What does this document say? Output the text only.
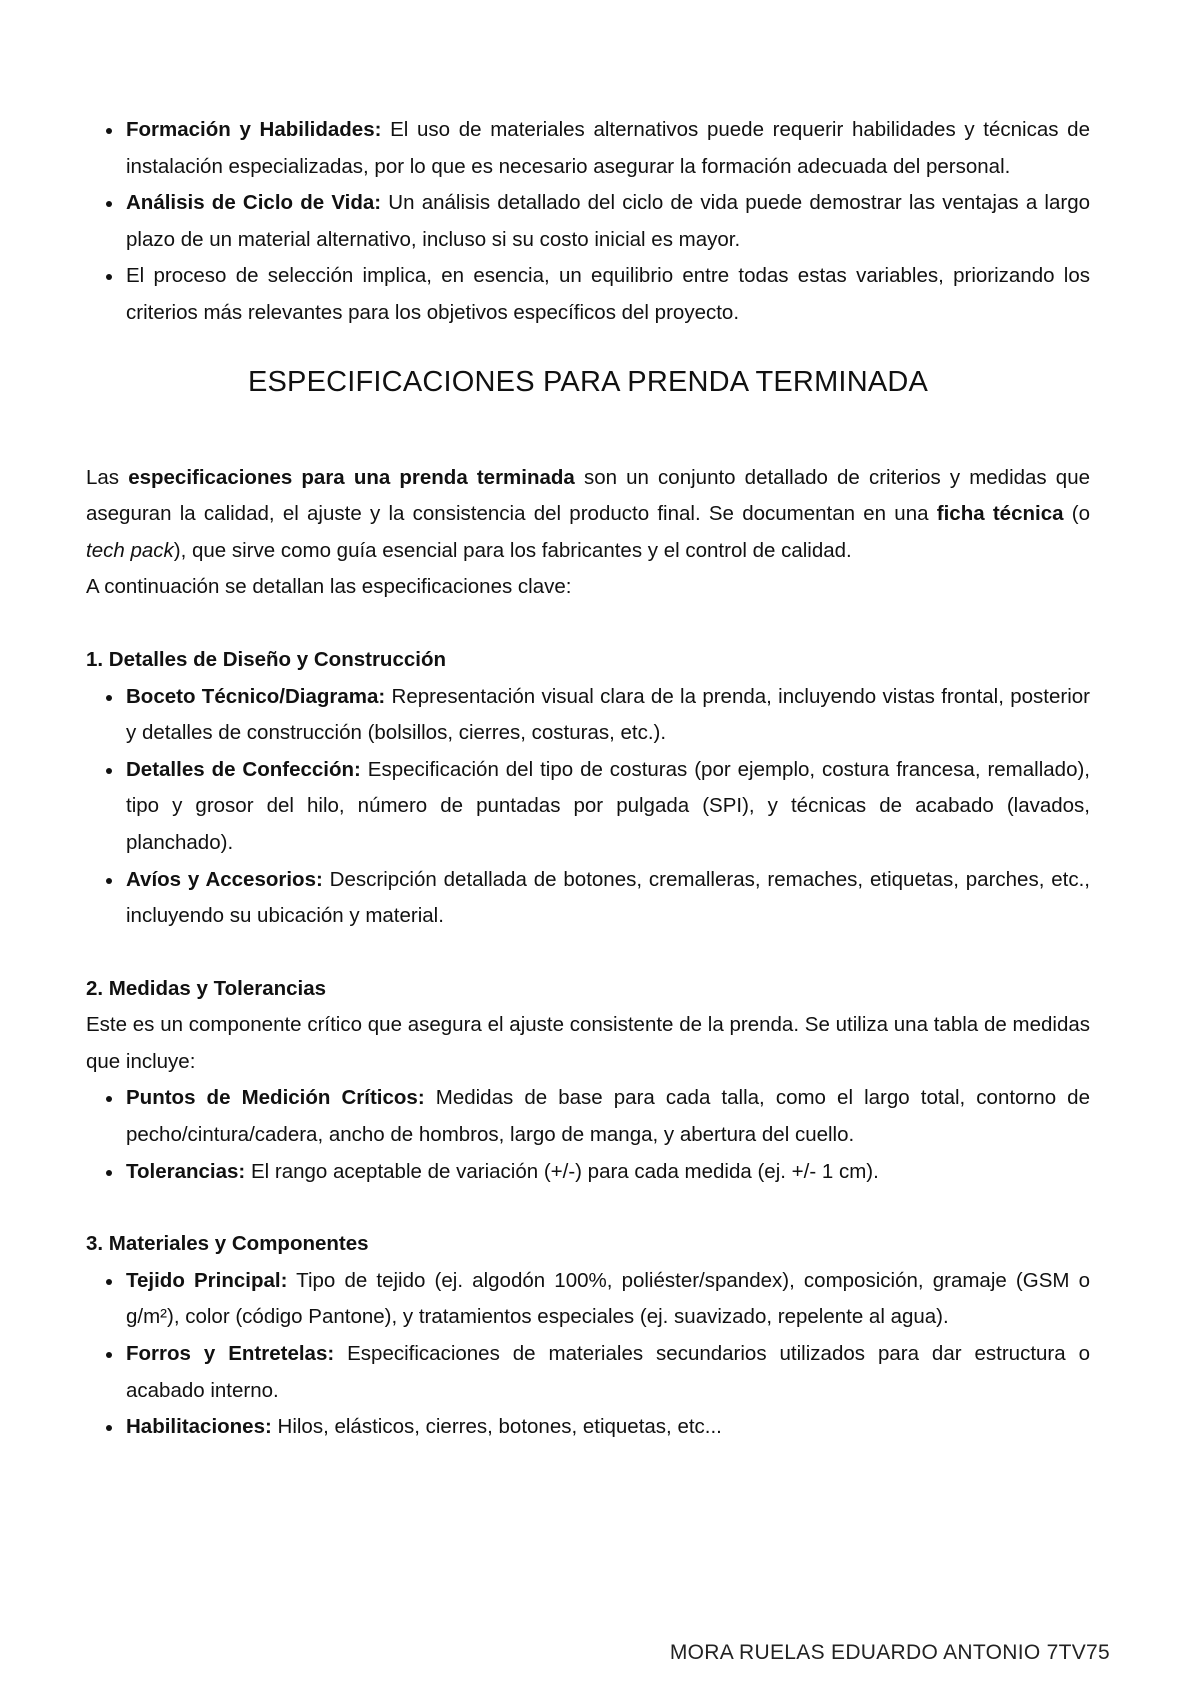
Formación y Habilidades: El uso de materiales alternativos puede requerir habilidades y técnicas de instalación especializadas, por lo que es necesario asegurar la formación adecuada del personal.
Análisis de Ciclo de Vida: Un análisis detallado del ciclo de vida puede demostrar las ventajas a largo plazo de un material alternativo, incluso si su costo inicial es mayor.
El proceso de selección implica, en esencia, un equilibrio entre todas estas variables, priorizando los criterios más relevantes para los objetivos específicos del proyecto.
ESPECIFICACIONES PARA PRENDA TERMINADA
Las especificaciones para una prenda terminada son un conjunto detallado de criterios y medidas que aseguran la calidad, el ajuste y la consistencia del producto final. Se documentan en una ficha técnica (o tech pack), que sirve como guía esencial para los fabricantes y el control de calidad.
A continuación se detallan las especificaciones clave:
1. Detalles de Diseño y Construcción
Boceto Técnico/Diagrama: Representación visual clara de la prenda, incluyendo vistas frontal, posterior y detalles de construcción (bolsillos, cierres, costuras, etc.).
Detalles de Confección: Especificación del tipo de costuras (por ejemplo, costura francesa, remallado), tipo y grosor del hilo, número de puntadas por pulgada (SPI), y técnicas de acabado (lavados, planchado).
Avíos y Accesorios: Descripción detallada de botones, cremalleras, remaches, etiquetas, parches, etc., incluyendo su ubicación y material.
2. Medidas y Tolerancias
Este es un componente crítico que asegura el ajuste consistente de la prenda. Se utiliza una tabla de medidas que incluye:
Puntos de Medición Críticos: Medidas de base para cada talla, como el largo total, contorno de pecho/cintura/cadera, ancho de hombros, largo de manga, y abertura del cuello.
Tolerancias: El rango aceptable de variación (+/-) para cada medida (ej. +/- 1 cm).
3. Materiales y Componentes
Tejido Principal: Tipo de tejido (ej. algodón 100%, poliéster/spandex), composición, gramaje (GSM o g/m²), color (código Pantone), y tratamientos especiales (ej. suavizado, repelente al agua).
Forros y Entretelas: Especificaciones de materiales secundarios utilizados para dar estructura o acabado interno.
Habilitaciones: Hilos, elásticos, cierres, botones, etiquetas, etc...
MORA RUELAS EDUARDO ANTONIO 7TV75
